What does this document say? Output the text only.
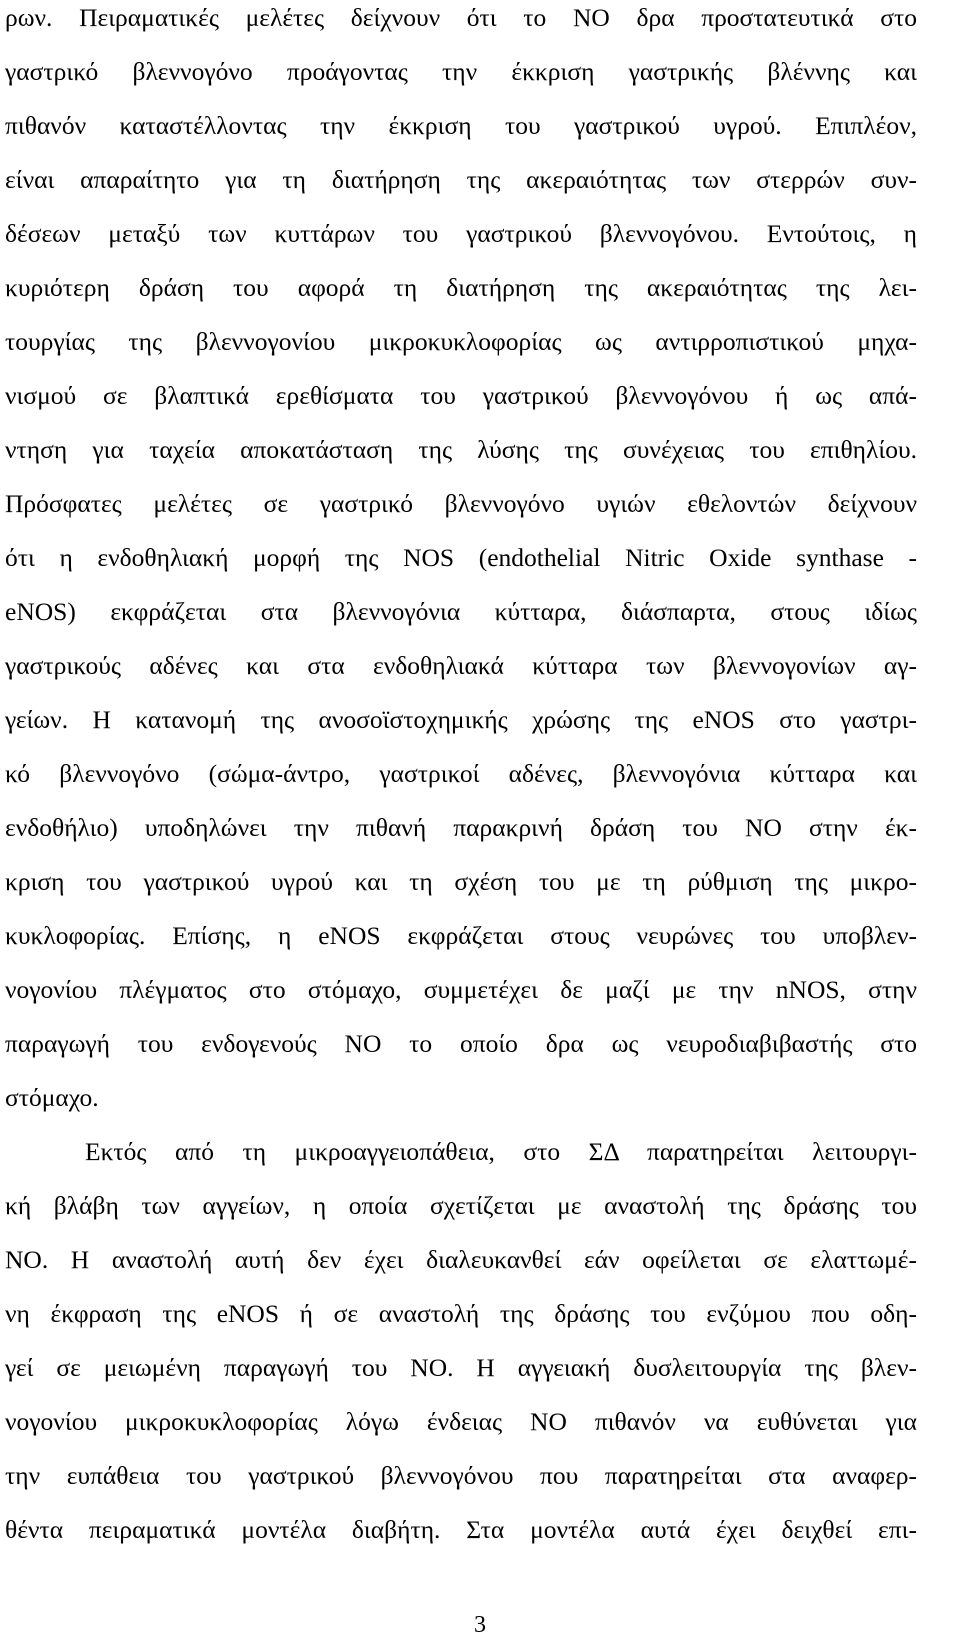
ρων. Πειραματικές μελέτες δείχνουν ότι το ΝΟ δρα προστατευτικά στο
γαστρικό βλεννογόνο προάγοντας την έκκριση γαστρικής βλέννης και
πιθανόν καταστέλλοντας την έκκριση του γαστρικού υγρού. Επιπλέον,
είναι απαραίτητο για τη διατήρηση της ακεραιότητας των στερρών συν-
δέσεων μεταξύ των κυττάρων του γαστρικού βλεννογόνου. Εντούτοις, η
κυριότερη δράση του αφορά τη διατήρηση της ακεραιότητας της λει-
τουργίας της βλεννογονίου μικροκυκλοφορίας ως αντιρροπιστικού μηχα-
νισμού σε βλαπτικά ερεθίσματα του γαστρικού βλεννογόνου ή ως απά-
ντηση για ταχεία αποκατάσταση της λύσης της συνέχειας του επιθηλίου.
Πρόσφατες μελέτες σε γαστρικό βλεννογόνο υγιών εθελοντών δείχνουν
ότι η ενδοθηλιακή μορφή της NOS (endothelial Nitric Oxide synthase -
eNOS) εκφράζεται στα βλεννογόνια κύτταρα, διάσπαρτα, στους ιδίως
γαστρικούς αδένες και στα ενδοθηλιακά κύτταρα των βλεννογονίων αγ-
γείων. Η κατανομή της ανοσοϊστοχημικής χρώσης της eNOS στο γαστρι-
κό βλεννογόνο (σώμα-άντρο, γαστρικοί αδένες, βλεννογόνια κύτταρα και
ενδοθήλιο) υποδηλώνει την πιθανή παρακρινή δράση του ΝΟ στην έκ-
κριση του γαστρικού υγρού και τη σχέση του με τη ρύθμιση της μικρο-
κυκλοφορίας. Επίσης, η eNOS εκφράζεται στους νευρώνες του υποβλεν-
νογονίου πλέγματος στο στόμαχο, συμμετέχει δε μαζί με την nNOS, στην
παραγωγή του ενδογενούς ΝΟ το οποίο δρα ως νευροδιαβιβαστής στο
στόμαχο.
Εκτός από τη μικροαγγειοπάθεια, στο ΣΔ παρατηρείται λειτουργι-
κή βλάβη των αγγείων, η οποία σχετίζεται με αναστολή της δράσης του
ΝΟ. Η αναστολή αυτή δεν έχει διαλευκανθεί εάν οφείλεται σε ελαττωμέ-
νη έκφραση της eNOS ή σε αναστολή της δράσης του ενζύμου που οδη-
γεί σε μειωμένη παραγωγή του ΝΟ. Η αγγειακή δυσλειτουργία της βλεν-
νογονίου μικροκυκλοφορίας λόγω ένδειας ΝΟ πιθανόν να ευθύνεται για
την ευπάθεια του γαστρικού βλεννογόνου που παρατηρείται στα αναφερ-
θέντα πειραματικά μοντέλα διαβήτη. Στα μοντέλα αυτά έχει δειχθεί επι-
3
